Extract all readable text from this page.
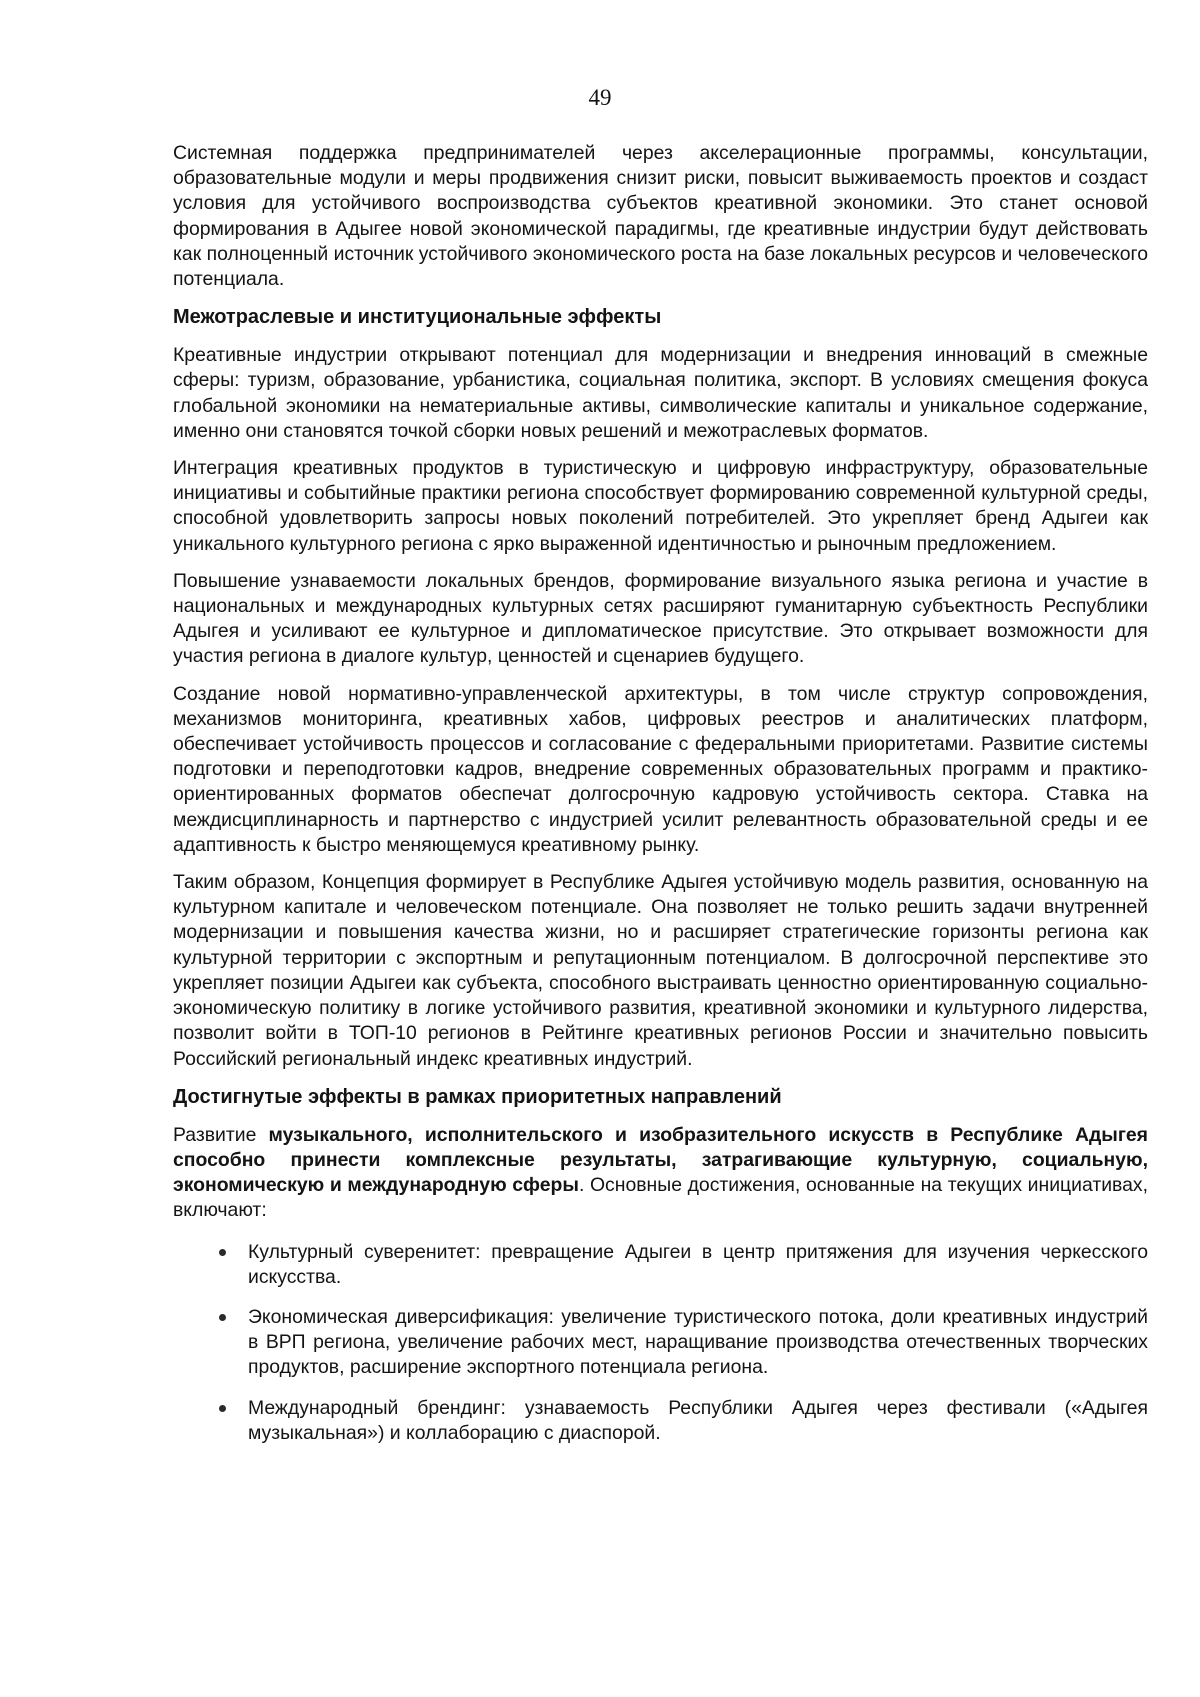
49

Системная поддержка предпринимателей через акселерационные программы, консультации, образовательные модули и меры продвижения снизит риски, повысит выживаемость проектов и создаст условия для устойчивого воспроизводства субъектов креативной экономики. Это станет основой формирования в Адыгее новой экономической парадигмы, где креативные индустрии будут действовать как полноценный источник устойчивого экономического роста на базе локальных ресурсов и человеческого потенциала.

Межотраслевые и институциональные эффекты

Креативные индустрии открывают потенциал для модернизации и внедрения инноваций в смежные сферы: туризм, образование, урбанистика, социальная политика, экспорт. В условиях смещения фокуса глобальной экономики на нематериальные активы, символические капиталы и уникальное содержание, именно они становятся точкой сборки новых решений и межотраслевых форматов.

Интеграция креативных продуктов в туристическую и цифровую инфраструктуру, образовательные инициативы и событийные практики региона способствует формированию современной культурной среды, способной удовлетворить запросы новых поколений потребителей. Это укрепляет бренд Адыгеи как уникального культурного региона с ярко выраженной идентичностью и рыночным предложением.

Повышение узнаваемости локальных брендов, формирование визуального языка региона и участие в национальных и международных культурных сетях расширяют гуманитарную субъектность Республики Адыгея и усиливают ее культурное и дипломатическое присутствие. Это открывает возможности для участия региона в диалоге культур, ценностей и сценариев будущего.

Создание новой нормативно-управленческой архитектуры, в том числе структур сопровождения, механизмов мониторинга, креативных хабов, цифровых реестров и аналитических платформ, обеспечивает устойчивость процессов и согласование с федеральными приоритетами. Развитие системы подготовки и переподготовки кадров, внедрение современных образовательных программ и практико-ориентированных форматов обеспечат долгосрочную кадровую устойчивость сектора. Ставка на междисциплинарность и партнерство с индустрией усилит релевантность образовательной среды и ее адаптивность к быстро меняющемуся креативному рынку.

Таким образом, Концепция формирует в Республике Адыгея устойчивую модель развития, основанную на культурном капитале и человеческом потенциале. Она позволяет не только решить задачи внутренней модернизации и повышения качества жизни, но и расширяет стратегические горизонты региона как культурной территории с экспортным и репутационным потенциалом. В долгосрочной перспективе это укрепляет позиции Адыгеи как субъекта, способного выстраивать ценностно ориентированную социально-экономическую политику в логике устойчивого развития, креативной экономики и культурного лидерства, позволит войти в ТОП-10 регионов в Рейтинге креативных регионов России и значительно повысить Российский региональный индекс креативных индустрий.

Достигнутые эффекты в рамках приоритетных направлений

Развитие музыкального, исполнительского и изобразительного искусств в Республике Адыгея способно принести комплексные результаты, затрагивающие культурную, социальную, экономическую и международную сферы. Основные достижения, основанные на текущих инициативах, включают:

Культурный суверенитет: превращение Адыгеи в центр притяжения для изучения черкесского искусства.
Экономическая диверсификация: увеличение туристического потока, доли креативных индустрий в ВРП региона, увеличение рабочих мест, наращивание производства отечественных творческих продуктов, расширение экспортного потенциала региона.
Международный брендинг: узнаваемость Республики Адыгея через фестивали («Адыгея музыкальная») и коллаборацию с диаспорой.
